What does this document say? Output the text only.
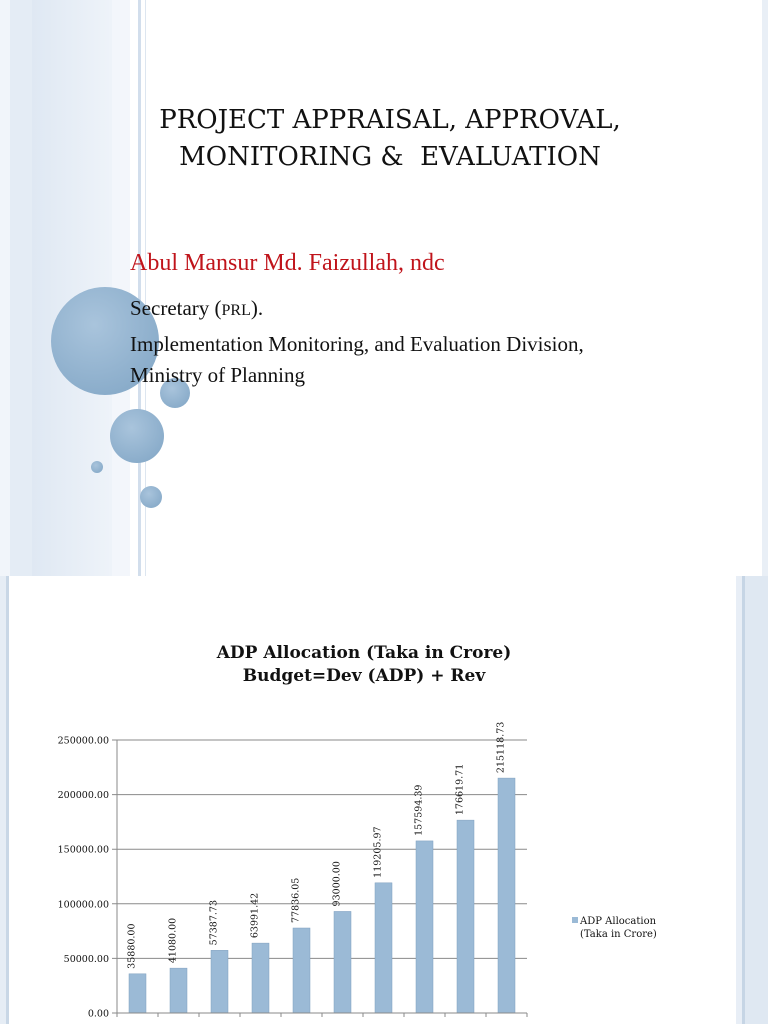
PROJECT APPRAISAL, APPROVAL,
MONITORING &  EVALUATION
Abul Mansur Md. Faizullah, ndc
Secretary (PRL).
Implementation Monitoring, and Evaluation Division, Ministry of Planning
ADP Allocation (Taka in Crore)
Budget=Dev (ADP) + Rev
0.00
50000.00
100000.00
150000.00
200000.00
250000.00
35880.00	41080.00	57387.73	63991.42	77836.05	93000.00
119205.97
157594.39	176619.71
215118.73
ADP Allocation
(Taka in Crore)
